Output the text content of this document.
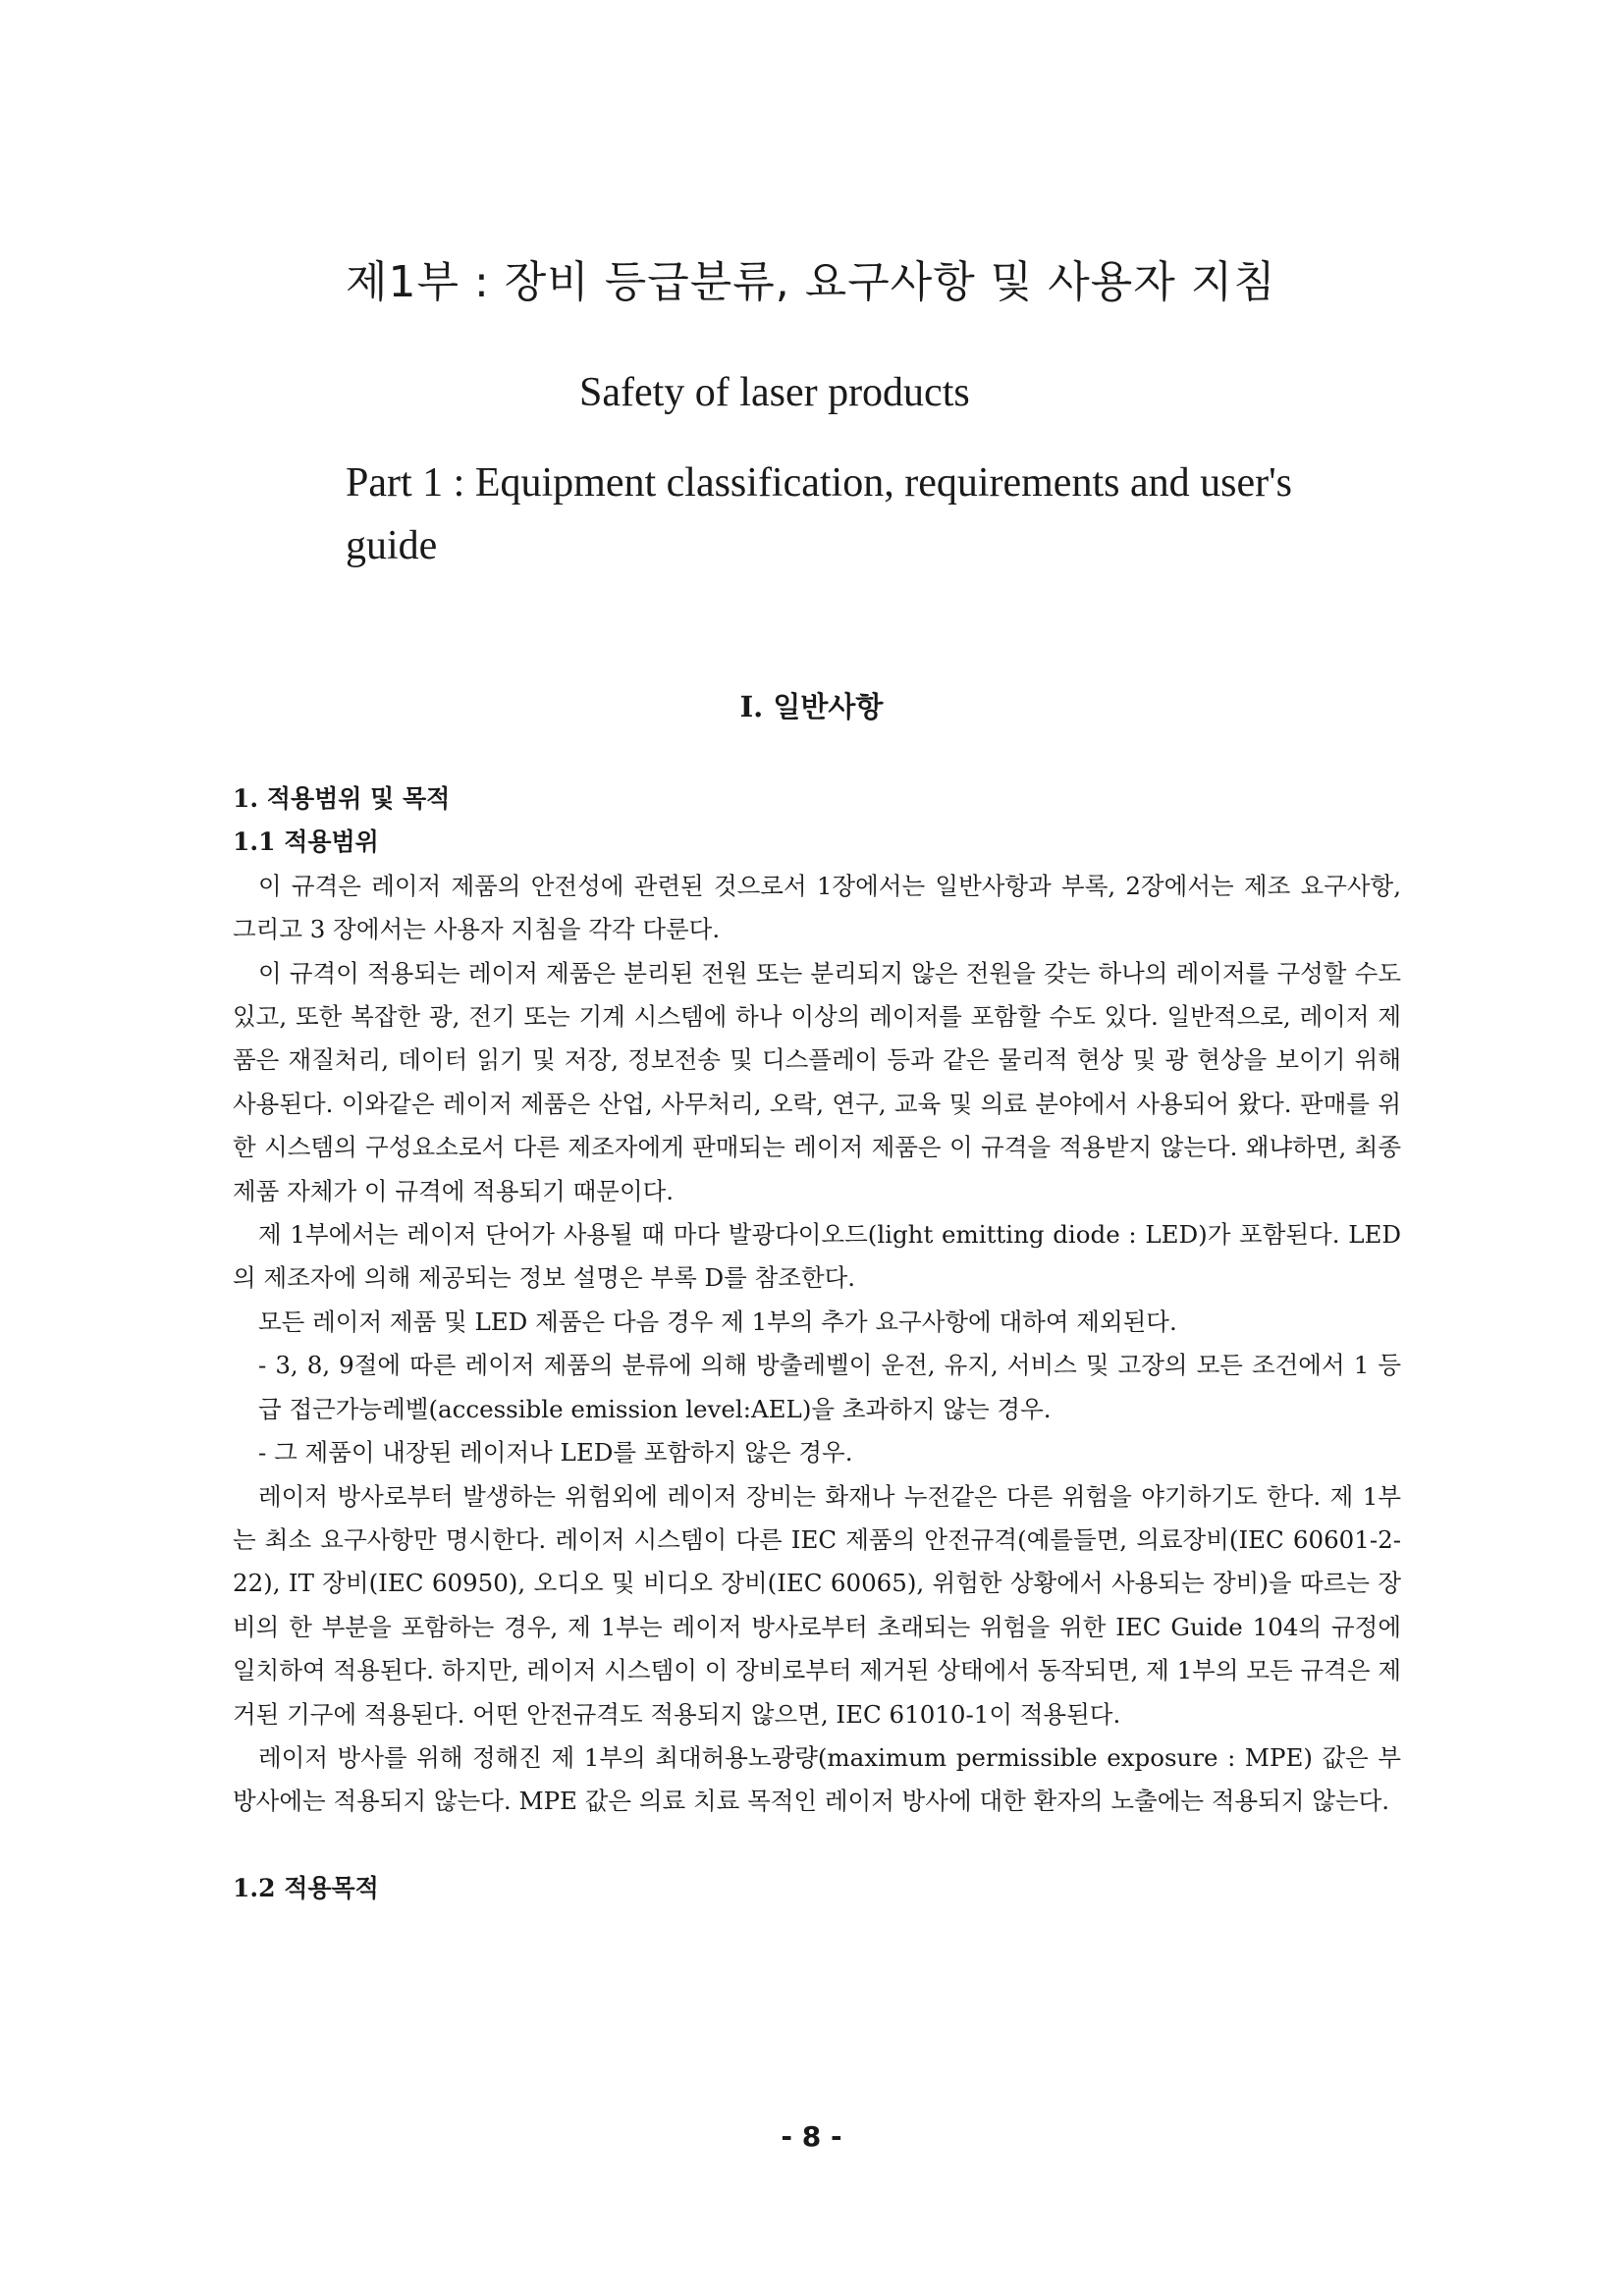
제1부 : 장비 등급분류, 요구사항 및 사용자 지침
Safety of laser products
Part 1 : Equipment classification, requirements and user's guide
I. 일반사항

1. 적용범위 및 목적

1.1 적용범위

이 규격은 레이저 제품의 안전성에 관련된 것으로서 1장에서는 일반사항과 부록, 2장에서는 제조 요구사항, 그리고 3 장에서는 사용자 지침을 각각 다룬다.

이 규격이 적용되는 레이저 제품은 분리된 전원 또는 분리되지 않은 전원을 갖는 하나의 레이저를 구성할 수도 있고, 또한 복잡한 광, 전기 또는 기계 시스템에 하나 이상의 레이저를 포함할 수도 있다. 일반적으로, 레이저 제품은 재질처리, 데이터 읽기 및 저장, 정보전송 및 디스플레이 등과 같은 물리적 현상 및 광 현상을 보이기 위해 사용된다. 이와같은 레이저 제품은 산업, 사무처리, 오락, 연구, 교육 및 의료 분야에서 사용되어 왔다. 판매를 위한 시스템의 구성요소로서 다른 제조자에게 판매되는 레이저 제품은 이 규격을 적용받지 않는다. 왜냐하면, 최종제품 자체가 이 규격에 적용되기 때문이다.

제 1부에서는 레이저 단어가 사용될 때 마다 발광다이오드(light emitting diode : LED)가 포함된다. LED의 제조자에 의해 제공되는 정보 설명은 부록 D를 참조한다.

모든 레이저 제품 및 LED 제품은 다음 경우 제 1부의 추가 요구사항에 대하여 제외된다.

- 3, 8, 9절에 따른 레이저 제품의 분류에 의해 방출레벨이 운전, 유지, 서비스 및 고장의 모든 조건에서 1 등급 접근가능레벨(accessible emission level:AEL)을 초과하지 않는 경우.

- 그 제품이 내장된 레이저나 LED를 포함하지 않은 경우.

레이저 방사로부터 발생하는 위험외에 레이저 장비는 화재나 누전같은 다른 위험을 야기하기도 한다. 제 1부는 최소 요구사항만 명시한다. 레이저 시스템이 다른 IEC 제품의 안전규격(예를들면, 의료장비(IEC 60601-2-22), IT 장비(IEC 60950), 오디오 및 비디오 장비(IEC 60065), 위험한 상황에서 사용되는 장비)을 따르는 장비의 한 부분을 포함하는 경우, 제 1부는 레이저 방사로부터 초래되는 위험을 위한 IEC Guide 104의 규정에 일치하여 적용된다. 하지만, 레이저 시스템이 이 장비로부터 제거된 상태에서 동작되면, 제 1부의 모든 규격은 제거된 기구에 적용된다. 어떤 안전규격도 적용되지 않으면, IEC 61010-1이 적용된다.

레이저 방사를 위해 정해진 제 1부의 최대허용노광량(maximum permissible exposure : MPE) 값은 부 방사에는 적용되지 않는다. MPE 값은 의료 치료 목적인 레이저 방사에 대한 환자의 노출에는 적용되지 않는다.

1.2 적용목적

- 8 -
